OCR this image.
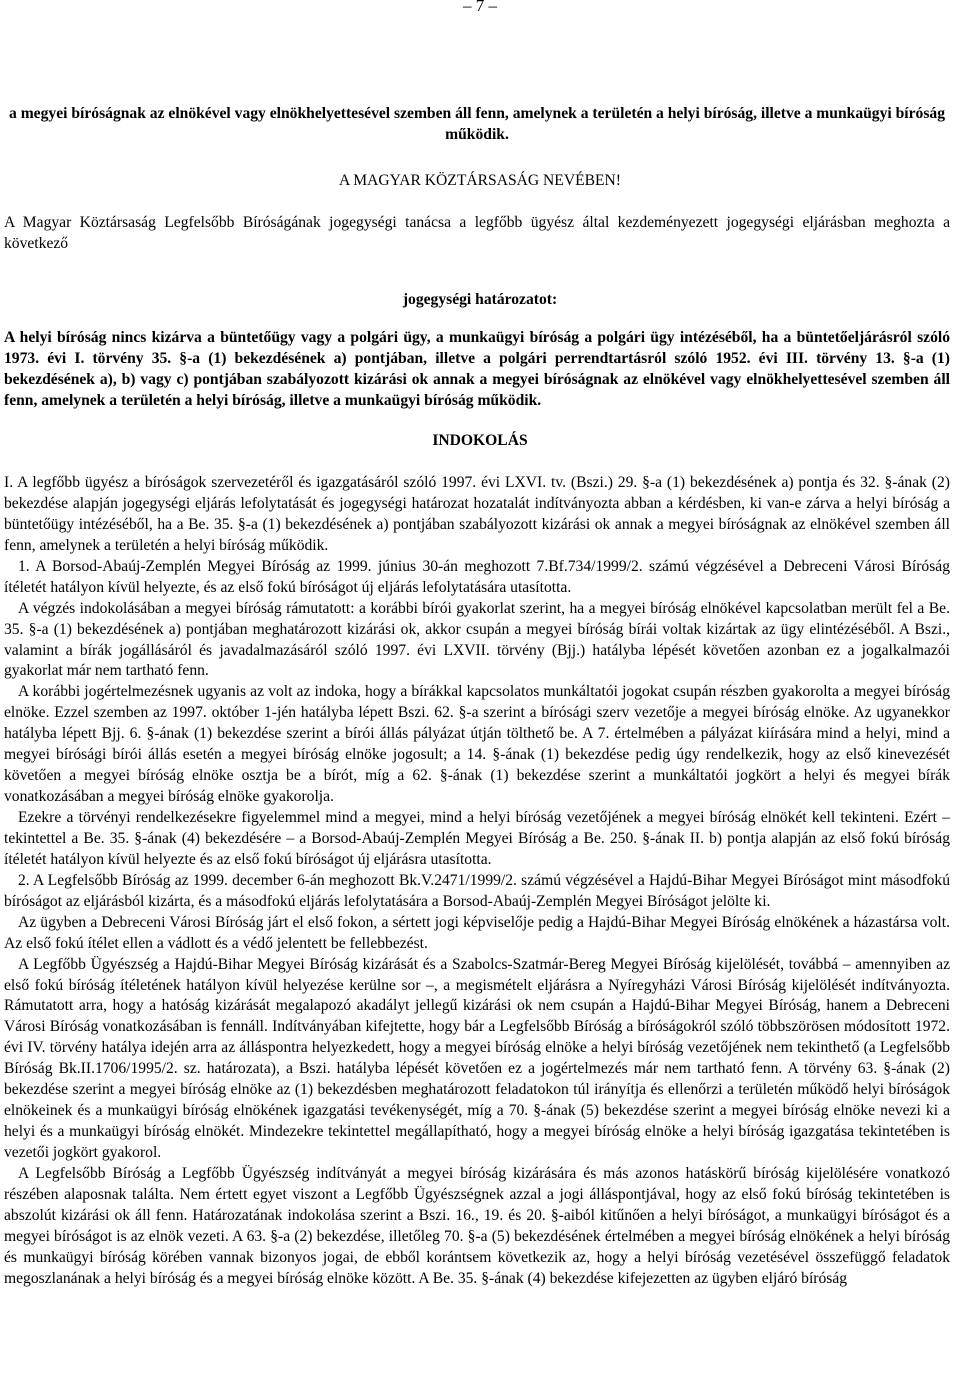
– 7 –
a megyei bíróságnak az elnökével vagy elnökhelyettesével szemben áll fenn, amelynek a területén a helyi bíróság, illetve a munkaügyi bíróság működik.
A MAGYAR KÖZTÁRSASÁG NEVÉBEN!
A Magyar Köztársaság Legfelsőbb Bíróságának jogegységi tanácsa a legfőbb ügyész által kezdeményezett jogegységi eljárásban meghozta a következő
jogegységi határozatot:
A helyi bíróság nincs kizárva a büntetőügy vagy a polgári ügy, a munkaügyi bíróság a polgári ügy intézéséből, ha a büntetőeljárásról szóló 1973. évi I. törvény 35. §-a (1) bekezdésének a) pontjában, illetve a polgári perrendtartásról szóló 1952. évi III. törvény 13. §-a (1) bekezdésének a), b) vagy c) pontjában szabályozott kizárási ok annak a megyei bíróságnak az elnökével vagy elnökhelyettesével szemben áll fenn, amelynek a területén a helyi bíróság, illetve a munkaügyi bíróság működik.
INDOKOLÁS

I. A legfőbb ügyész a bíróságok szervezetéről és igazgatásáról szóló 1997. évi LXVI. tv. (Bszi.) 29. §-a (1) bekezdésének a) pontja és 32. §-ának (2) bekezdése alapján jogegységi eljárás lefolytatását és jogegységi határozat hozatalát indítványozta abban a kérdésben, ki van-e zárva a helyi bíróság a büntetőügy intézéséből, ha a Be. 35. §-a (1) bekezdésének a) pontjában szabályozott kizárási ok annak a megyei bíróságnak az elnökével szemben áll fenn, amelynek a területén a helyi bíróság működik.

1. A Borsod-Abaúj-Zemplén Megyei Bíróság az 1999. június 30-án meghozott 7.Bf.734/1999/2. számú végzésével a Debreceni Városi Bíróság ítéletét hatályon kívül helyezte, és az első fokú bíróságot új eljárás lefolytatására utasította.

A végzés indokolásában a megyei bíróság rámutatott: a korábbi bírói gyakorlat szerint, ha a megyei bíróság elnökével kapcsolatban merült fel a Be. 35. §-a (1) bekezdésének a) pontjában meghatározott kizárási ok, akkor csupán a megyei bíróság bírái voltak kizártak az ügy elintézéséből. A Bszi., valamint a bírák jogállásáról és javadalmazásáról szóló 1997. évi LXVII. törvény (Bjj.) hatályba lépését követően azonban ez a jogalkalmazói gyakorlat már nem tartható fenn.

A korábbi jogértelmezésnek ugyanis az volt az indoka, hogy a bírákkal kapcsolatos munkáltatói jogokat csupán részben gyakorolta a megyei bíróság elnöke. Ezzel szemben az 1997. október 1-jén hatályba lépett Bszi. 62. §-a szerint a bírósági szerv vezetője a megyei bíróság elnöke. Az ugyanekkor hatályba lépett Bjj. 6. §-ának (1) bekezdése szerint a bírói állás pályázat útján tölthető be. A 7. értelmében a pályázat kiírására mind a helyi, mind a megyei bírósági bírói állás esetén a megyei bíróság elnöke jogosult; a 14. §-ának (1) bekezdése pedig úgy rendelkezik, hogy az első kinevezését követően a megyei bíróság elnöke osztja be a bírót, míg a 62. §-ának (1) bekezdése szerint a munkáltatói jogkört a helyi és megyei bírák vonatkozásában a megyei bíróság elnöke gyakorolja.

Ezekre a törvényi rendelkezésekre figyelemmel mind a megyei, mind a helyi bíróság vezetőjének a megyei bíróság elnökét kell tekinteni. Ezért – tekintettel a Be. 35. §-ának (4) bekezdésére – a Borsod-Abaúj-Zemplén Megyei Bíróság a Be. 250. §-ának II. b) pontja alapján az első fokú bíróság ítéletét hatályon kívül helyezte és az első fokú bíróságot új eljárásra utasította.

2. A Legfelsőbb Bíróság az 1999. december 6-án meghozott Bk.V.2471/1999/2. számú végzésével a Hajdú-Bihar Megyei Bíróságot mint másodfokú bíróságot az eljárásból kizárta, és a másodfokú eljárás lefolytatására a Borsod-Abaúj-Zemplén Megyei Bíróságot jelölte ki.

Az ügyben a Debreceni Városi Bíróság járt el első fokon, a sértett jogi képviselője pedig a Hajdú-Bihar Megyei Bíróság elnökének a házastársa volt. Az első fokú ítélet ellen a vádlott és a védő jelentett be fellebbezést.

A Legfőbb Ügyészség a Hajdú-Bihar Megyei Bíróság kizárását és a Szabolcs-Szatmár-Bereg Megyei Bíróság kijelölését, továbbá – amennyiben az első fokú bíróság ítéletének hatályon kívül helyezése kerülne sor –, a megismételt eljárásra a Nyíregyházi Városi Bíróság kijelölését indítványozta. Rámutatott arra, hogy a hatóság kizárását megalapozó akadályt jellegű kizárási ok nem csupán a Hajdú-Bihar Megyei Bíróság, hanem a Debreceni Városi Bíróság vonatkozásában is fennáll. Indítványában kifejtette, hogy bár a Legfelsőbb Bíróság a bíróságokról szóló többszörösen módosított 1972. évi IV. törvény hatálya idején arra az álláspontra helyezkedett, hogy a megyei bíróság elnöke a helyi bíróság vezetőjének nem tekinthető (a Legfelsőbb Bíróság Bk.II.1706/1995/2. sz. határozata), a Bszi. hatályba lépését követően ez a jogértelmezés már nem tartható fenn. A törvény 63. §-ának (2) bekezdése szerint a megyei bíróság elnöke az (1) bekezdésben meghatározott feladatokon túl irányítja és ellenőrzi a területén működő helyi bíróságok elnökeinek és a munkaügyi bíróság elnökének igazgatási tevékenységét, míg a 70. §-ának (5) bekezdése szerint a megyei bíróság elnöke nevezi ki a helyi és a munkaügyi bíróság elnökét. Mindezekre tekintettel megállapítható, hogy a megyei bíróság elnöke a helyi bíróság igazgatása tekintetében is vezetői jogkört gyakorol.

A Legfelsőbb Bíróság a Legfőbb Ügyészség indítványát a megyei bíróság kizárására és más azonos hatáskörű bíróság kijelölésére vonatkozó részében alaposnak találta. Nem értett egyet viszont a Legfőbb Ügyészségnek azzal a jogi álláspontjával, hogy az első fokú bíróság tekintetében is abszolút kizárási ok áll fenn. Határozatának indokolása szerint a Bszi. 16., 19. és 20. §-aiból kitűnően a helyi bíróságot, a munkaügyi bíróságot és a megyei bíróságot is az elnök vezeti. A 63. §-a (2) bekezdése, illetőleg 70. §-a (5) bekezdésének értelmében a megyei bíróság elnökének a helyi bíróság és munkaügyi bíróság körében vannak bizonyos jogai, de ebből korántsem következik az, hogy a helyi bíróság vezetésével összefüggő feladatok megoszlanának a helyi bíróság és a megyei bíróság elnöke között. A Be. 35. §-ának (4) bekezdése kifejezetten az ügyben eljáró bíróság
